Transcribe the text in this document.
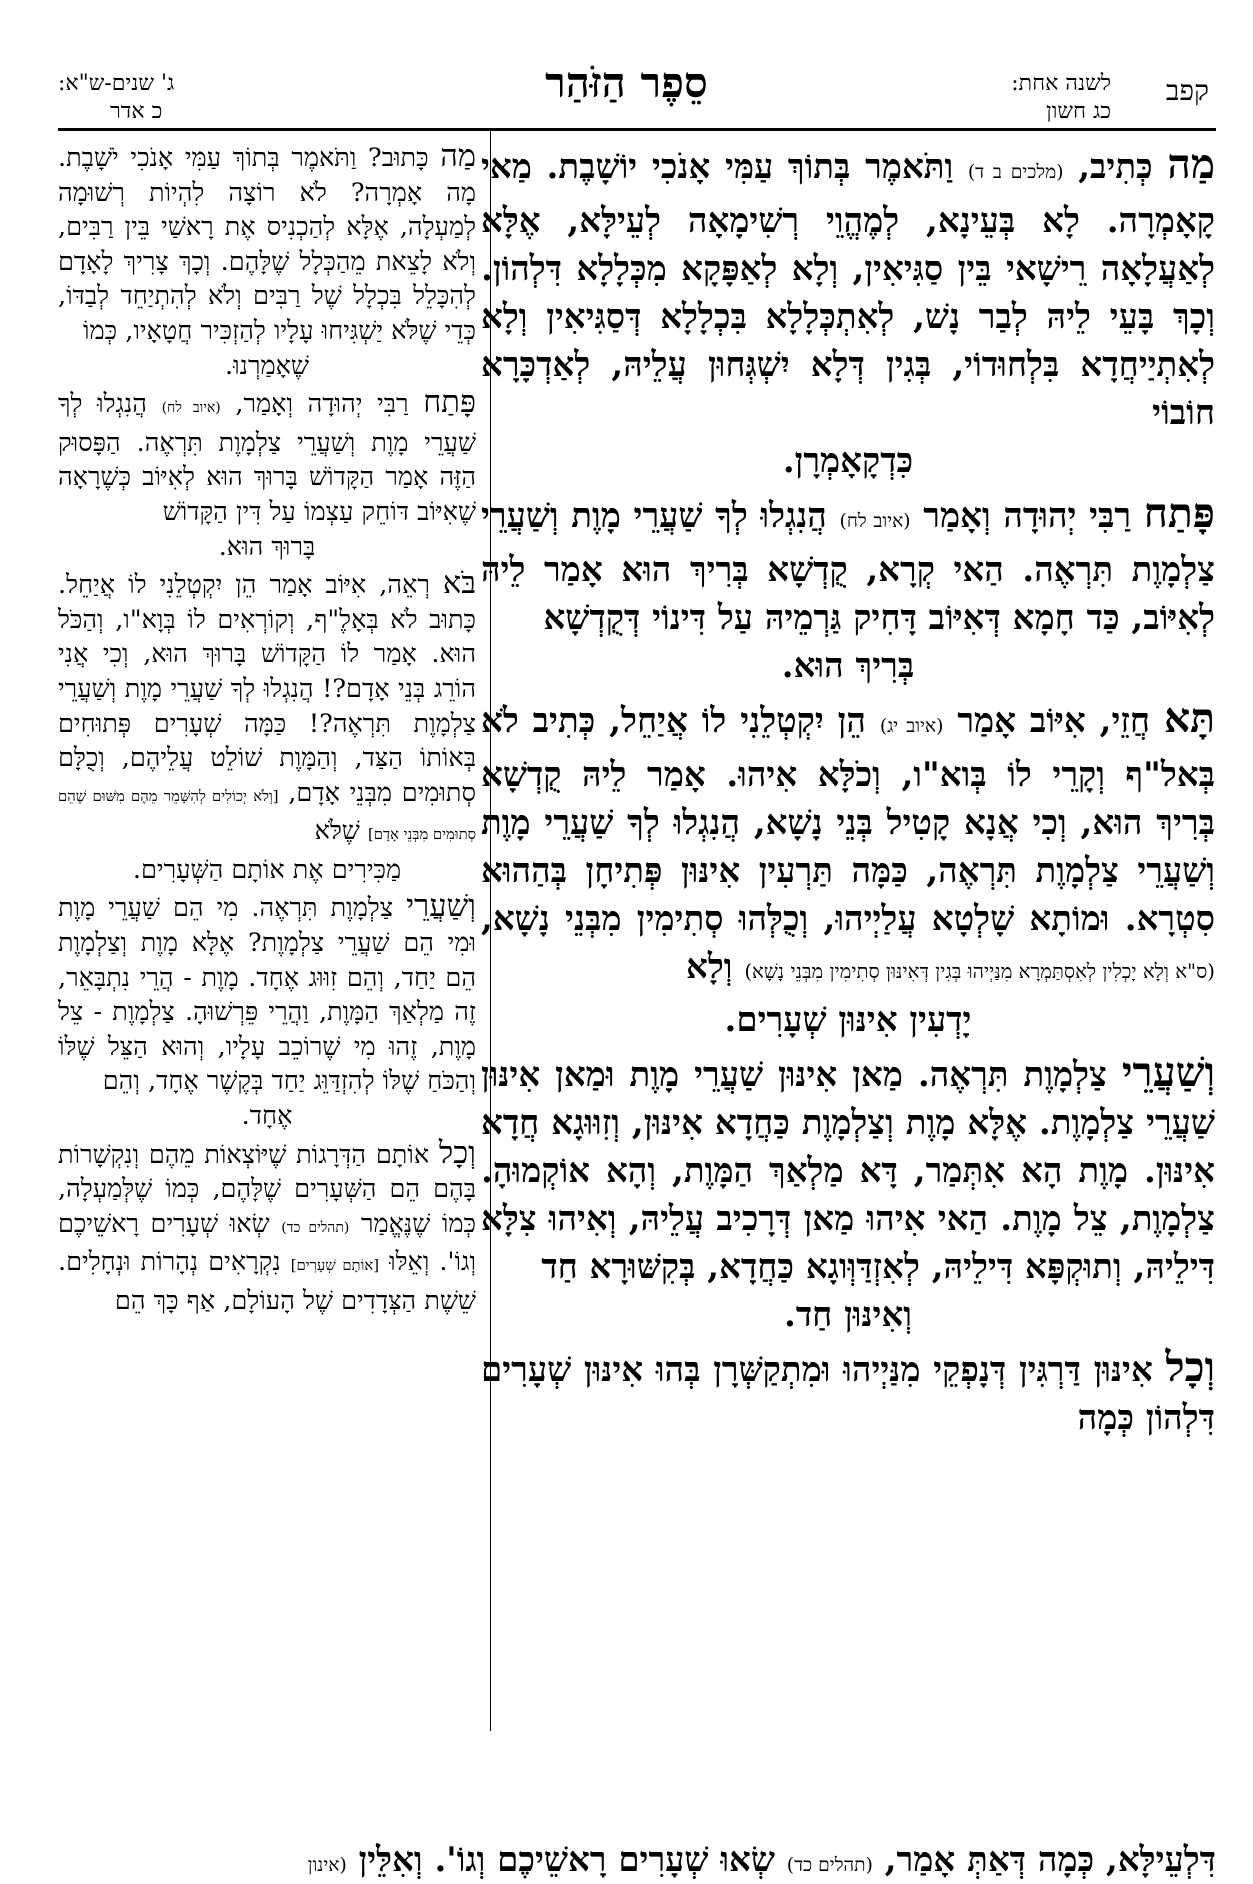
קפב
לשנה אחת:
כג חשון
סֵפֶר הַזֹּהַר
ג' שנים-ש"א:
כ אדר

מַה כְּתִיב, (מלכים ב ד) וַתֹּאמֶר בְּתוֹךְ עַמִּי אָנֹכִי יוֹשָׁבֶת. מַאי קָאָמְרָה. לָא בְּעֵינָא, לְמֶהֱוֵי רְשִׁימָאָה לְעֵילָּא, אֶלָּא לְאַעֲלָאָה רֵישָׁאי בֵּין סַגִּיאִין, וְלָא לְאַפָּקָא מִכְּלָלָא דִּלְהוֹן. וְכָךְ בָּעֵי לֵיהּ לְבַר נָשׁ, לְאִתְכְּלָלָא בִּכְלָלָא דְּסַגִּיאִין וְלָא לְאִתְיַיחֲדָא בִּלְחוּדוֹי, בְּגִין דְּלָא יִשְׁגְּחוּן עֲלֵיהּ, לְאַדְכָּרָא חוֹבוֹי
כִּדְקָאָמְרָן.

פָּתַח רַבִּי יְהוּדָה וְאָמַר (איוב לח) הֲנִגְלוּ לְךָ שַׁעֲרֵי מָוֶת וְשַׁעֲרֵי צַלְמָוֶת תִּרְאֶה. הַאי קְרָא, קֻדְשָׁא בְּרִיךְ הוּא אָמַר לֵיהּ לְאִיּוֹב, כַּד חָמָא דְּאִיּוֹב דָּחִיק גַּרְמֵיהּ עַל דִּינוֹי דְּקֻדְשָׁא
בְּרִיךְ הוּא.

תָּא חֲזֵי, אִיּוֹב אָמַר (איוב יג) הֵן יִקְטְלֵנִי לוֹ אֲיַחֵל, כְּתִיב לֹא בְּאל"ף וְקָרֵי לוֹ בְּוא"ו, וְכֹלָּא אִיהוּ. אָמַר לֵיהּ קֻדְשָׁא בְּרִיךְ הוּא, וְכִי אֲנָא קָטִיל בְּנֵי נָשָׁא, הֲנִגְלוּ לְךָ שַׁעֲרֵי מָוֶת וְשַׁעֲרֵי צַלְמָוֶת תִּרְאֶה, כַּמָּה תַּרְעִין אִינּוּן פְּתִיחָן בְּהַהוּא סִטְרָא. וּמוֹתָא שָׁלְטָא עֲלַיְיהוּ, וְכֻלְּהוּ סְתִימִין מִבְּנֵי נָשָׁא, (ס"א וְלָא יָכְלִין לְאִסְתַּמְרָא מִנַּיְיהוּ בְּגִין דְּאִינּוּן סְתִימִין מִבְּנֵי נָשָׁא) וְלָא
יָדְעִין אִינּוּן שְׁעָרִים.

וְשַׁעֲרֵי צַלְמָוֶת תִּרְאֶה. מַאן אִינּוּן שַׁעֲרֵי מָוֶת וּמַאן אִינּוּן שַׁעֲרֵי צַלְמָוֶת. אֶלָּא מָוֶת וְצַלְמָוֶת כַּחֲדָא אִינּוּן, וְזִוּוּגָא חֲדָא אִינּוּן. מָוֶת הָא אִתְּמַר, דָּא מַלְאַךְ הַמָּוֶת, וְהָא אוֹקְמוּהָ. צַלְמָוֶת, צֵל מָוֶת. הַאי אִיהוּ מַאן דְּרָכִיב עֲלֵיהּ, וְאִיהוּ צִלָּא דִּילֵיהּ, וְתוּקְפָּא דִּילֵיהּ, לְאִזְדַּוְּוגָא כַּחֲדָא, בְּקִשּׁוּרָא חַד
וְאִינּוּן חַד.

וְכָל אִינּוּן דַּרְגִּין דְּנָפְקֵי מִנַּיְיהוּ וּמִתְקַשְּׁרָן בְּהוּ אִינּוּן שְׁעָרִים דִּלְהוֹן כְּמָה

מַה כָּתוּב? וַתֹּאמֶר בְּתוֹךְ עַמִּי אָנֹכִי יֹשָׁבֶת. מָה אָמְרָה? לֹא רוֹצָה לִהְיוֹת רְשׁוּמָה לְמַעְלָה, אֶלָּא לְהַכְנִיס אֶת רָאשַׁי בֵּין רַבִּים, וְלֹא לָצֵאת מֵהַכְּלָל שֶׁלָּהֶם. וְכָךְ צָרִיךְ לָאָדָם לְהִכָּלֵל בִּכְלָל שֶׁל רַבִּים וְלֹא לְהִתְיַחֵד לְבַדּוֹ, כְּדֵי שֶׁלֹּא יַשְׁגִּיחוּ עָלָיו לְהַזְכִּיר חֲטָאָיו, כְּמוֹ
שֶׁאָמַרְנוּ.

פָּתַח רַבִּי יְהוּדָה וְאָמַר, (איוב לח) הֲנִגְלוּ לְךָ שַׁעֲרֵי מָוֶת וְשַׁעֲרֵי צַלְמָוֶת תִּרְאֶה. הַפָּסוּק הַזֶּה אָמַר הַקָּדוֹשׁ בָּרוּךְ הוּא לְאִיּוֹב כְּשֶׁרָאָה שֶׁאִיּוֹב דּוֹחֵק עַצְמוֹ עַל דִּין הַקָּדוֹשׁ
בָּרוּךְ הוּא.

בֹּא רְאֵה, אִיּוֹב אָמַר הֵן יִקְטְלֵנִי לוֹ אֲיַחֵל. כָּתוּב לֹא בְּאָלֶ"ף, וְקוֹרְאִים לוֹ בְּוָא"ו, וְהַכֹּל הוּא. אָמַר לוֹ הַקָּדוֹשׁ בָּרוּךְ הוּא, וְכִי אֲנִי הוֹרֵג בְּנֵי אָדָם?! הֲנִגְלוּ לְךָ שַׁעֲרֵי מָוֶת וְשַׁעֲרֵי צַלְמָוֶת תִּרְאֶה?! כַּמָּה שְׁעָרִים פְּתוּחִים בְּאוֹתוֹ הַצַּד, וְהַמָּוֶת שׁוֹלֵט עֲלֵיהֶם, וְכֻלָּם סְתוּמִים מִבְּנֵי אָדָם, [וְלֹא יְכוֹלִים לְהִשָּׁמֵר מֵהֶם מִשּׁוּם שֶׁהֵם סְתוּמִים מִבְּנֵי אָדָם] שֶׁלֹּא
מַכִּירִים אֶת אוֹתָם הַשְּׁעָרִים.

וְשַׁעֲרֵי צַלְמָוֶת תִּרְאֶה. מִי הֵם שַׁעֲרֵי מָוֶת וּמִי הֵם שַׁעֲרֵי צַלְמָוֶת? אֶלָּא מָוֶת וְצַלְמָוֶת הֵם יַחַד, וְהֵם זִוּוּג אֶחָד. מָוֶת - הֲרֵי נִתְבָּאֵר, זֶה מַלְאַךְ הַמָּוֶת, וַהֲרֵי פֵּרְשׁוּהָ. צַלְמָוֶת - צֵל מָוֶת, זֶהוּ מִי שֶׁרוֹכֵב עָלָיו, וְהוּא הַצֵּל שֶׁלּוֹ וְהַכֹּחַ שֶׁלּוֹ לְהִזְדַּוֵּג יַחַד בְּקֶשֶׁר אֶחָד, וְהֵם
אֶחָד.

וְכָל אוֹתָם הַדְּרָגוֹת שֶׁיּוֹצְאוֹת מֵהֶם וְנִקְשָׁרוֹת בָּהֶם הֵם הַשְּׁעָרִים שֶׁלָּהֶם, כְּמוֹ שֶׁלְּמַעְלָה, כְּמוֹ שֶׁנֶּאֱמַר (תהלים כד) שְׂאוּ שְׁעָרִים רָאשֵׁיכֶם וְגוֹ'. וְאֵלּוּ [אוֹתָם שְׁעָרִים] נִקְרָאִים נְהָרוֹת וּנְחָלִים. שֵׁשֶׁת הַצְּדָדִים שֶׁל הָעוֹלָם, אַף כָּךְ הֵם

דִּלְעֵילָּא, כְּמָה דְּאַתְּ אָמַר, (תהלים כד) שְׂאוּ שְׁעָרִים רָאשֵׁיכֶם וְגוֹ'. וְאִלֵּין (אינון
